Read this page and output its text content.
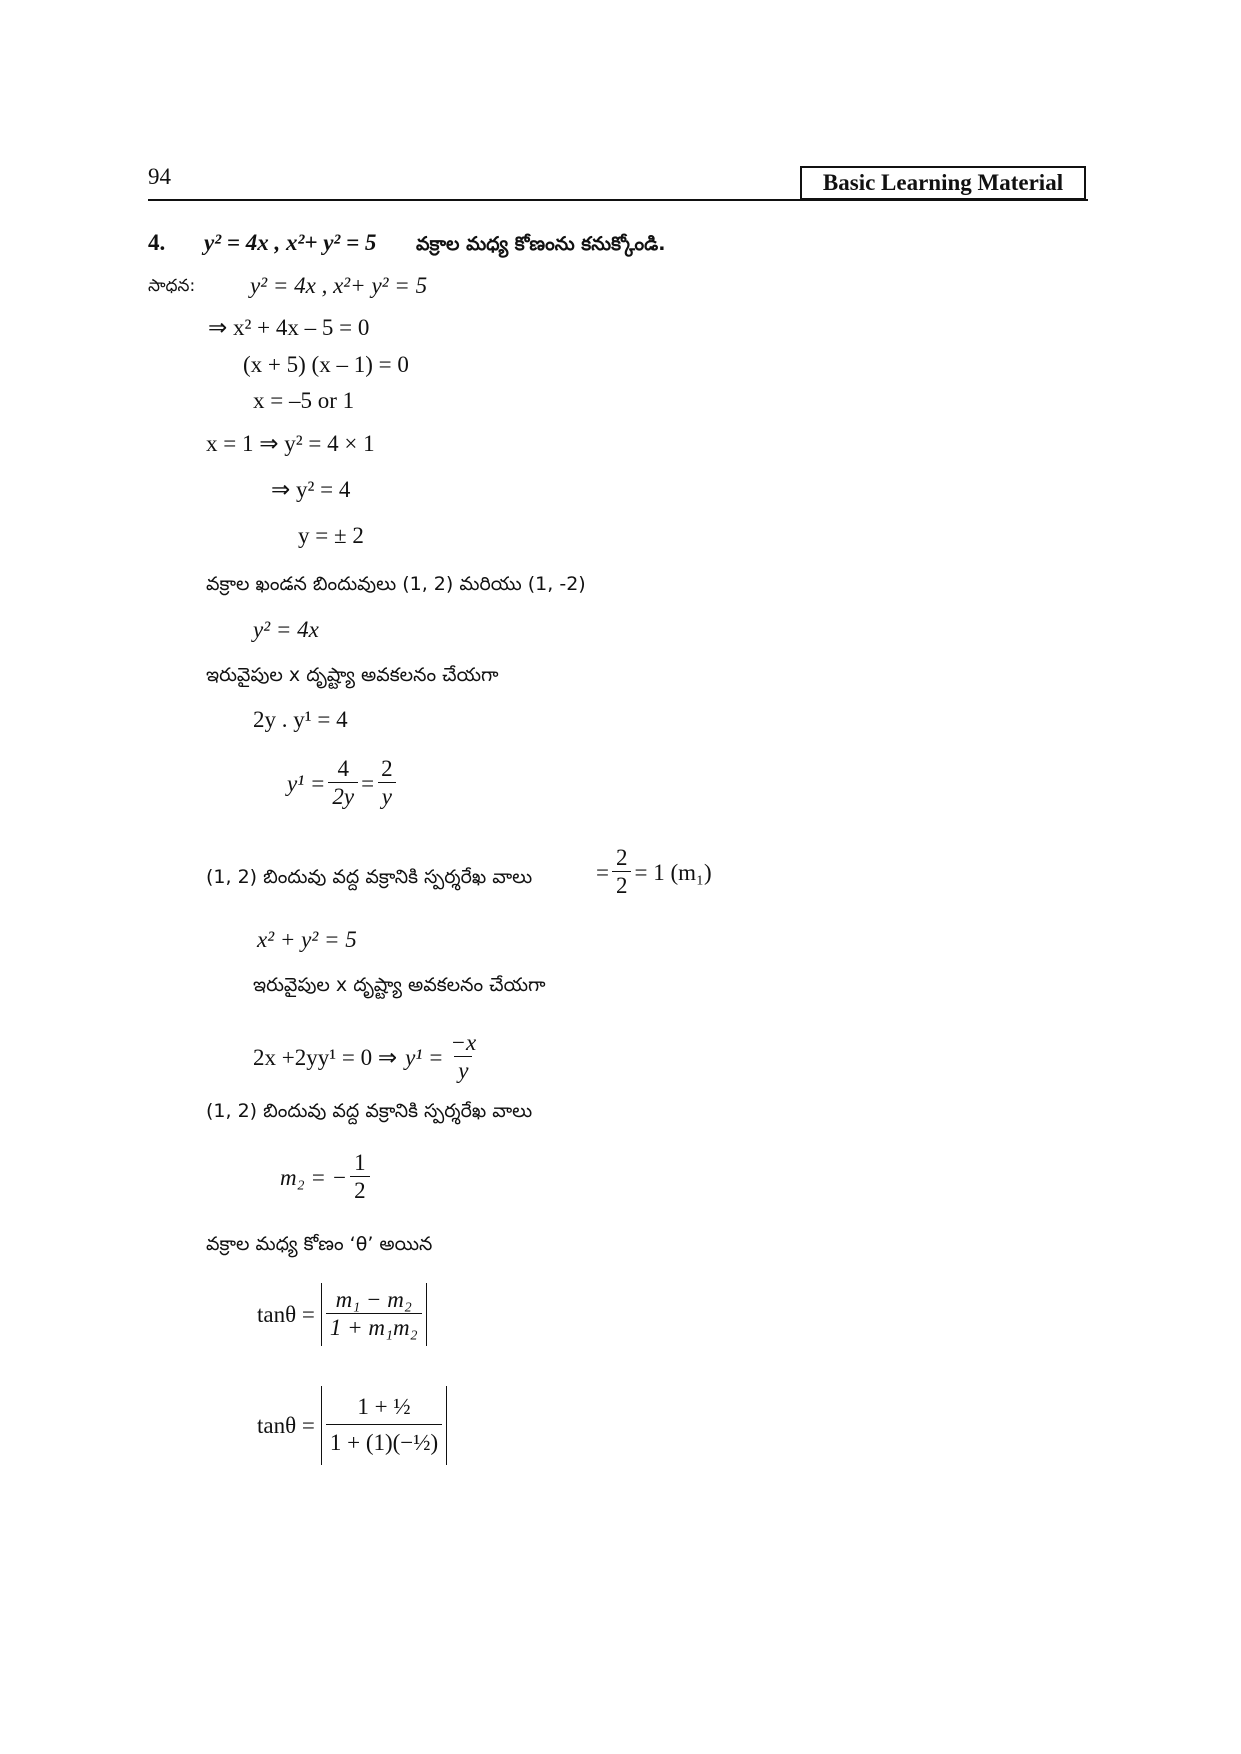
94	Basic Learning Material
4. y² = 4x , x²+ y² = 5 వక్రాల మధ్య కోణంను కనుక్కోండి.
సాధన: y² = 4x , x²+ y² = 5
⇒ x² + 4x – 5 = 0
(x + 5) (x – 1) = 0
x = –5 or 1
x = 1 ⇒ y² = 4 × 1
⇒ y² = 4
y = ± 2
వక్రాల ఖండన బిందువులు (1, 2) మరియు (1, -2)
y² = 4x
ఇరువైపుల x దృష్ట్యా అవకలనం చేయగా
2y . y¹ = 4
$y^1 = \frac{4}{2y} = \frac{2}{y}$
(1, 2) బిందువు వద్ద వక్రానికి స్పర్శరేఖ వాలు	= $\frac{2}{2} = 1$ (m₁)
x² + y² = 5
ఇరువైపుల x దృష్ట్యా అవకలనం చేయగా
2x +2yy¹ = 0 ⇒ $y^1 = \frac{-x}{y}$
(1, 2) బిందువు వద్ద వక్రానికి స్పర్శరేఖ వాలు
m₂ = − $\frac{1}{2}$
వక్రాల మధ్య కోణం ‘θ’ అయిన
$\tan\theta = \frac{\text{m₁ − m₂}}{\text{1 + m₁m₂}}$
$\tan\theta = \frac{\text{1 + ½}}{\text{1 + (1)(−½)}}$
